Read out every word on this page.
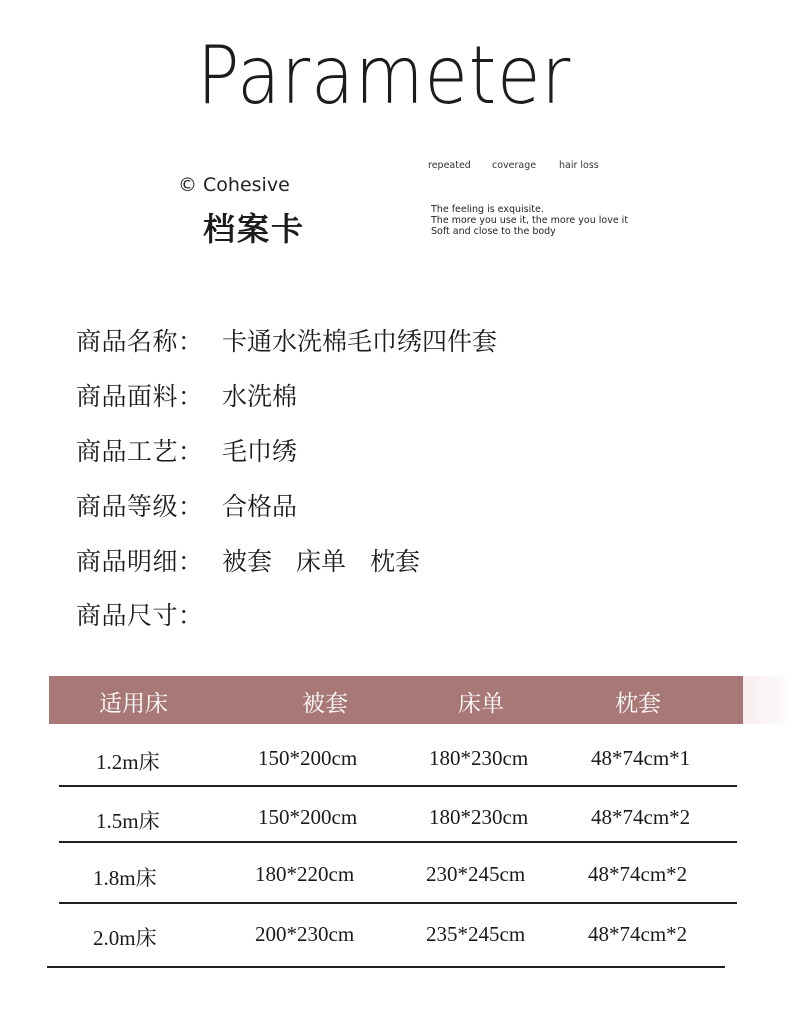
Parameter
© Cohesive
档案卡
repeated coverage hair loss
The feeling is exquisite.
The more you use it, the more you love it
Soft and close to the body
商品名称： 卡通水洗棉毛巾绣四件套
商品面料： 水洗棉
商品工艺： 毛巾绣
商品等级： 合格品
商品明细： 被套 床单 枕套
商品尺寸：
适用床	被套	床单	枕套
1.2m床	150*200cm	180*230cm	48*74cm*1
1.5m床	150*200cm	180*230cm	48*74cm*2
1.8m床	180*220cm	230*245cm	48*74cm*2
2.0m床	200*230cm	235*245cm	48*74cm*2
